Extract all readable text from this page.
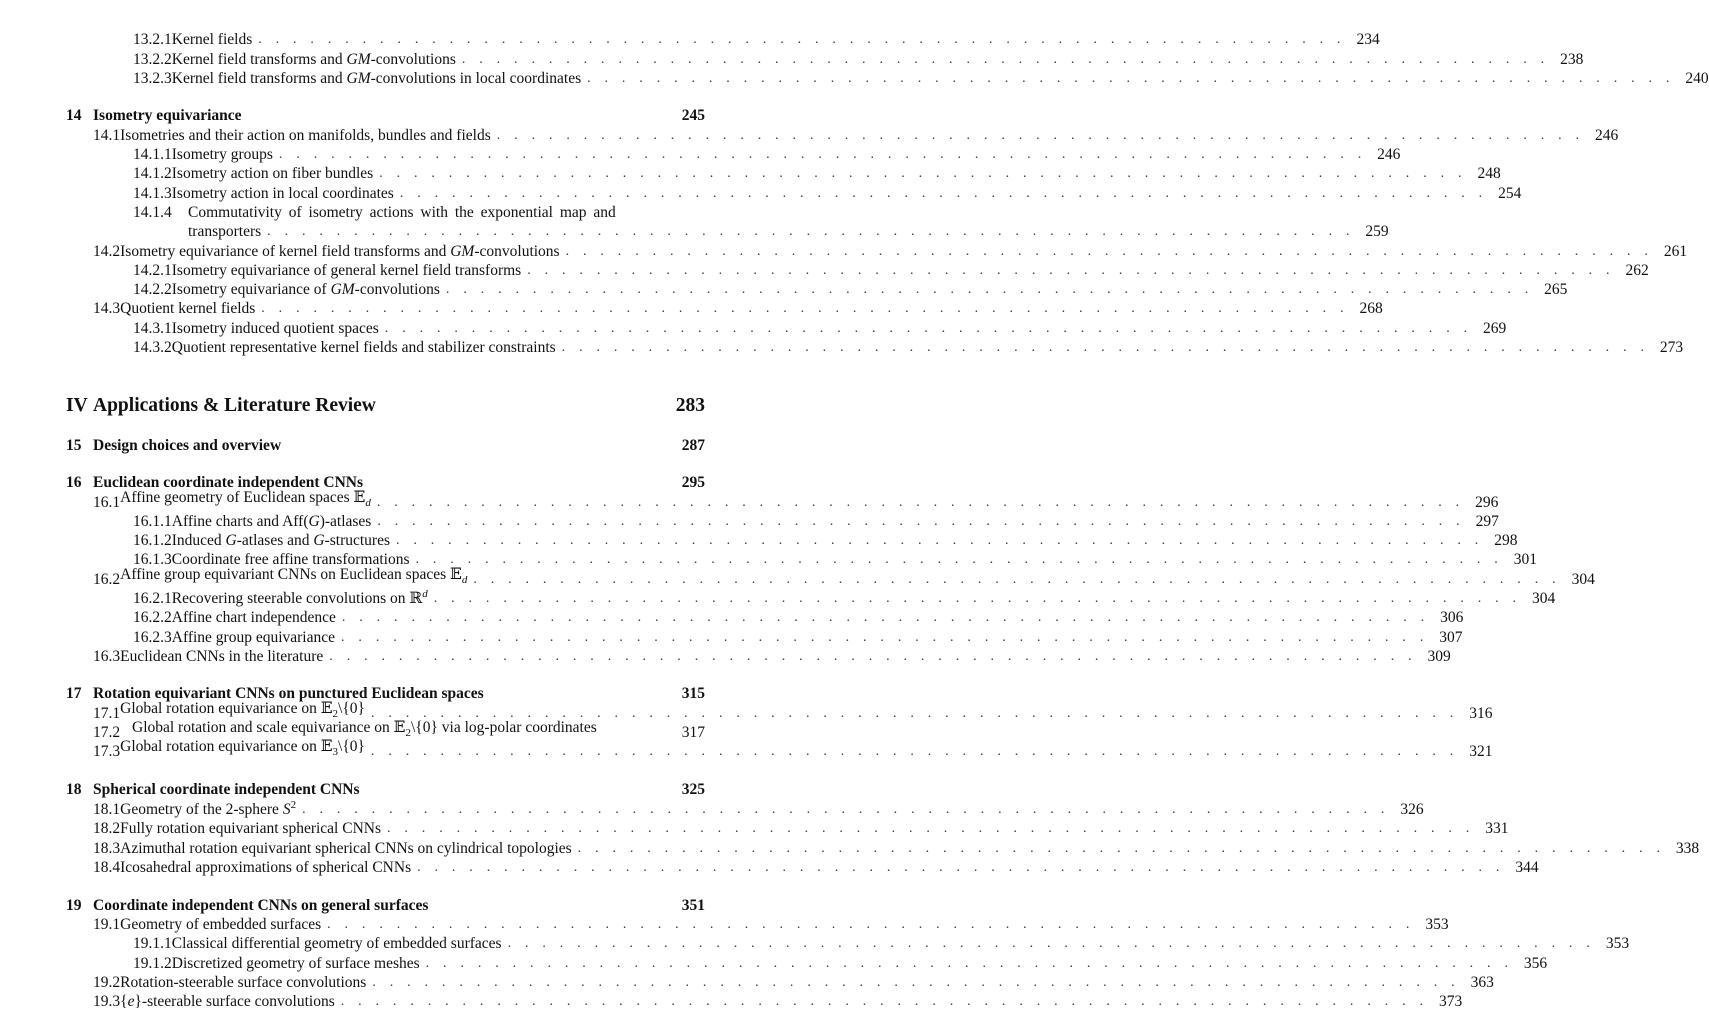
13.2.1 Kernel fields . . . . . . . . . . . . . . . . . . . . . . . . . . . . . . . . . . . . . . . . . . . . . . . . . . . . . . . . . . . . . . . 234
13.2.2 Kernel field transforms and GM-convolutions . . . . . . . . . . . . . . . . . . . . . . . . . . . . . . . . . . . . . . . . . . . . . . . . . . . . . . . . . . . . . . . 238
13.2.3 Kernel field transforms and GM-convolutions in local coordinates . . . . . . . . . . . . . . . . . . . . . . . . . . . . . . . . . . . . . . . . . . . . . . . . . . . . . . . . . . . . . . . 240
14 Isometry equivariance	245
14.1 Isometries and their action on manifolds, bundles and fields . . . . . . . . . . . . . . . . . . . . . . . . . . . . . . . . . . . . . . . . . . . . . . . . . . . . . . . . . . . . . . . 246
14.1.1 Isometry groups . . . . . . . . . . . . . . . . . . . . . . . . . . . . . . . . . . . . . . . . . . . . . . . . . . . . . . . . . . . . . . . 246
14.1.2 Isometry action on fiber bundles . . . . . . . . . . . . . . . . . . . . . . . . . . . . . . . . . . . . . . . . . . . . . . . . . . . . . . . . . . . . . . . 248
14.1.3 Isometry action in local coordinates . . . . . . . . . . . . . . . . . . . . . . . . . . . . . . . . . . . . . . . . . . . . . . . . . . . . . . . . . . . . . . . 254
14.1.4	Commutativity of isometry actions with the exponential map and
transporters . . . . . . . . . . . . . . . . . . . . . . . . . . . . . . . . . . . . . . . . . . . . . . . . . . . . . . . . . . . . . . . 259
14.2 Isometry equivariance of kernel field transforms and GM-convolutions . . . . . . . . . . . . . . . . . . . . . . . . . . . . . . . . . . . . . . . . . . . . . . . . . . . . . . . . . . . . . . . 261
14.2.1 Isometry equivariance of general kernel field transforms . . . . . . . . . . . . . . . . . . . . . . . . . . . . . . . . . . . . . . . . . . . . . . . . . . . . . . . . . . . . . . . 262
14.2.2 Isometry equivariance of GM-convolutions . . . . . . . . . . . . . . . . . . . . . . . . . . . . . . . . . . . . . . . . . . . . . . . . . . . . . . . . . . . . . . . 265
14.3 Quotient kernel fields . . . . . . . . . . . . . . . . . . . . . . . . . . . . . . . . . . . . . . . . . . . . . . . . . . . . . . . . . . . . . . . 268
14.3.1 Isometry induced quotient spaces . . . . . . . . . . . . . . . . . . . . . . . . . . . . . . . . . . . . . . . . . . . . . . . . . . . . . . . . . . . . . . . 269
14.3.2 Quotient representative kernel fields and stabilizer constraints . . . . . . . . . . . . . . . . . . . . . . . . . . . . . . . . . . . . . . . . . . . . . . . . . . . . . . . . . . . . . . . 273
IV Applications & Literature Review	283
15 Design choices and overview	287
16 Euclidean coordinate independent CNNs	295
16.1 Affine geometry of Euclidean spaces 𝔼$_d$ . . . . . . . . . . . . . . . . . . . . . . . . . . . . . . . . . . . . . . . . . . . . . . . . . . . . . . . . . . . . . . . 296
16.1.1 Affine charts and Aff(G)-atlases . . . . . . . . . . . . . . . . . . . . . . . . . . . . . . . . . . . . . . . . . . . . . . . . . . . . . . . . . . . . . . . 297
16.1.2 Induced G-atlases and G-structures . . . . . . . . . . . . . . . . . . . . . . . . . . . . . . . . . . . . . . . . . . . . . . . . . . . . . . . . . . . . . . . 298
16.1.3 Coordinate free affine transformations . . . . . . . . . . . . . . . . . . . . . . . . . . . . . . . . . . . . . . . . . . . . . . . . . . . . . . . . . . . . . . . 301
16.2 Affine group equivariant CNNs on Euclidean spaces 𝔼$_d$ . . . . . . . . . . . . . . . . . . . . . . . . . . . . . . . . . . . . . . . . . . . . . . . . . . . . . . . . . . . . . . . 304
16.2.1 Recovering steerable convolutions on ℝ$^d$ . . . . . . . . . . . . . . . . . . . . . . . . . . . . . . . . . . . . . . . . . . . . . . . . . . . . . . . . . . . . . . . 304
16.2.2 Affine chart independence . . . . . . . . . . . . . . . . . . . . . . . . . . . . . . . . . . . . . . . . . . . . . . . . . . . . . . . . . . . . . . . 306
16.2.3 Affine group equivariance . . . . . . . . . . . . . . . . . . . . . . . . . . . . . . . . . . . . . . . . . . . . . . . . . . . . . . . . . . . . . . . 307
16.3 Euclidean CNNs in the literature . . . . . . . . . . . . . . . . . . . . . . . . . . . . . . . . . . . . . . . . . . . . . . . . . . . . . . . . . . . . . . . 309
17 Rotation equivariant CNNs on punctured Euclidean spaces	315
17.1 Global rotation equivariance on 𝔼$_2$\{0} . . . . . . . . . . . . . . . . . . . . . . . . . . . . . . . . . . . . . . . . . . . . . . . . . . . . . . . . . . . . . . . 316
17.2 Global rotation and scale equivariance on 𝔼$_2$\{0} via log-polar coordinates	317
17.3 Global rotation equivariance on 𝔼$_3$\{0} . . . . . . . . . . . . . . . . . . . . . . . . . . . . . . . . . . . . . . . . . . . . . . . . . . . . . . . . . . . . . . . 321
18 Spherical coordinate independent CNNs	325
18.1 Geometry of the 2-sphere $S^2$ . . . . . . . . . . . . . . . . . . . . . . . . . . . . . . . . . . . . . . . . . . . . . . . . . . . . . . . . . . . . . . . 326
18.2 Fully rotation equivariant spherical CNNs . . . . . . . . . . . . . . . . . . . . . . . . . . . . . . . . . . . . . . . . . . . . . . . . . . . . . . . . . . . . . . . 331
18.3 Azimuthal rotation equivariant spherical CNNs on cylindrical topologies . . . . . . . . . . . . . . . . . . . . . . . . . . . . . . . . . . . . . . . . . . . . . . . . . . . . . . . . . . . . . . . 338
18.4 Icosahedral approximations of spherical CNNs . . . . . . . . . . . . . . . . . . . . . . . . . . . . . . . . . . . . . . . . . . . . . . . . . . . . . . . . . . . . . . . 344
19 Coordinate independent CNNs on general surfaces	351
19.1 Geometry of embedded surfaces . . . . . . . . . . . . . . . . . . . . . . . . . . . . . . . . . . . . . . . . . . . . . . . . . . . . . . . . . . . . . . . 353
19.1.1 Classical differential geometry of embedded surfaces . . . . . . . . . . . . . . . . . . . . . . . . . . . . . . . . . . . . . . . . . . . . . . . . . . . . . . . . . . . . . . . 353
19.1.2 Discretized geometry of surface meshes . . . . . . . . . . . . . . . . . . . . . . . . . . . . . . . . . . . . . . . . . . . . . . . . . . . . . . . . . . . . . . . 356
19.2 Rotation-steerable surface convolutions . . . . . . . . . . . . . . . . . . . . . . . . . . . . . . . . . . . . . . . . . . . . . . . . . . . . . . . . . . . . . . . 363
19.3 {e}-steerable surface convolutions . . . . . . . . . . . . . . . . . . . . . . . . . . . . . . . . . . . . . . . . . . . . . . . . . . . . . . . . . . . . . . . 373
